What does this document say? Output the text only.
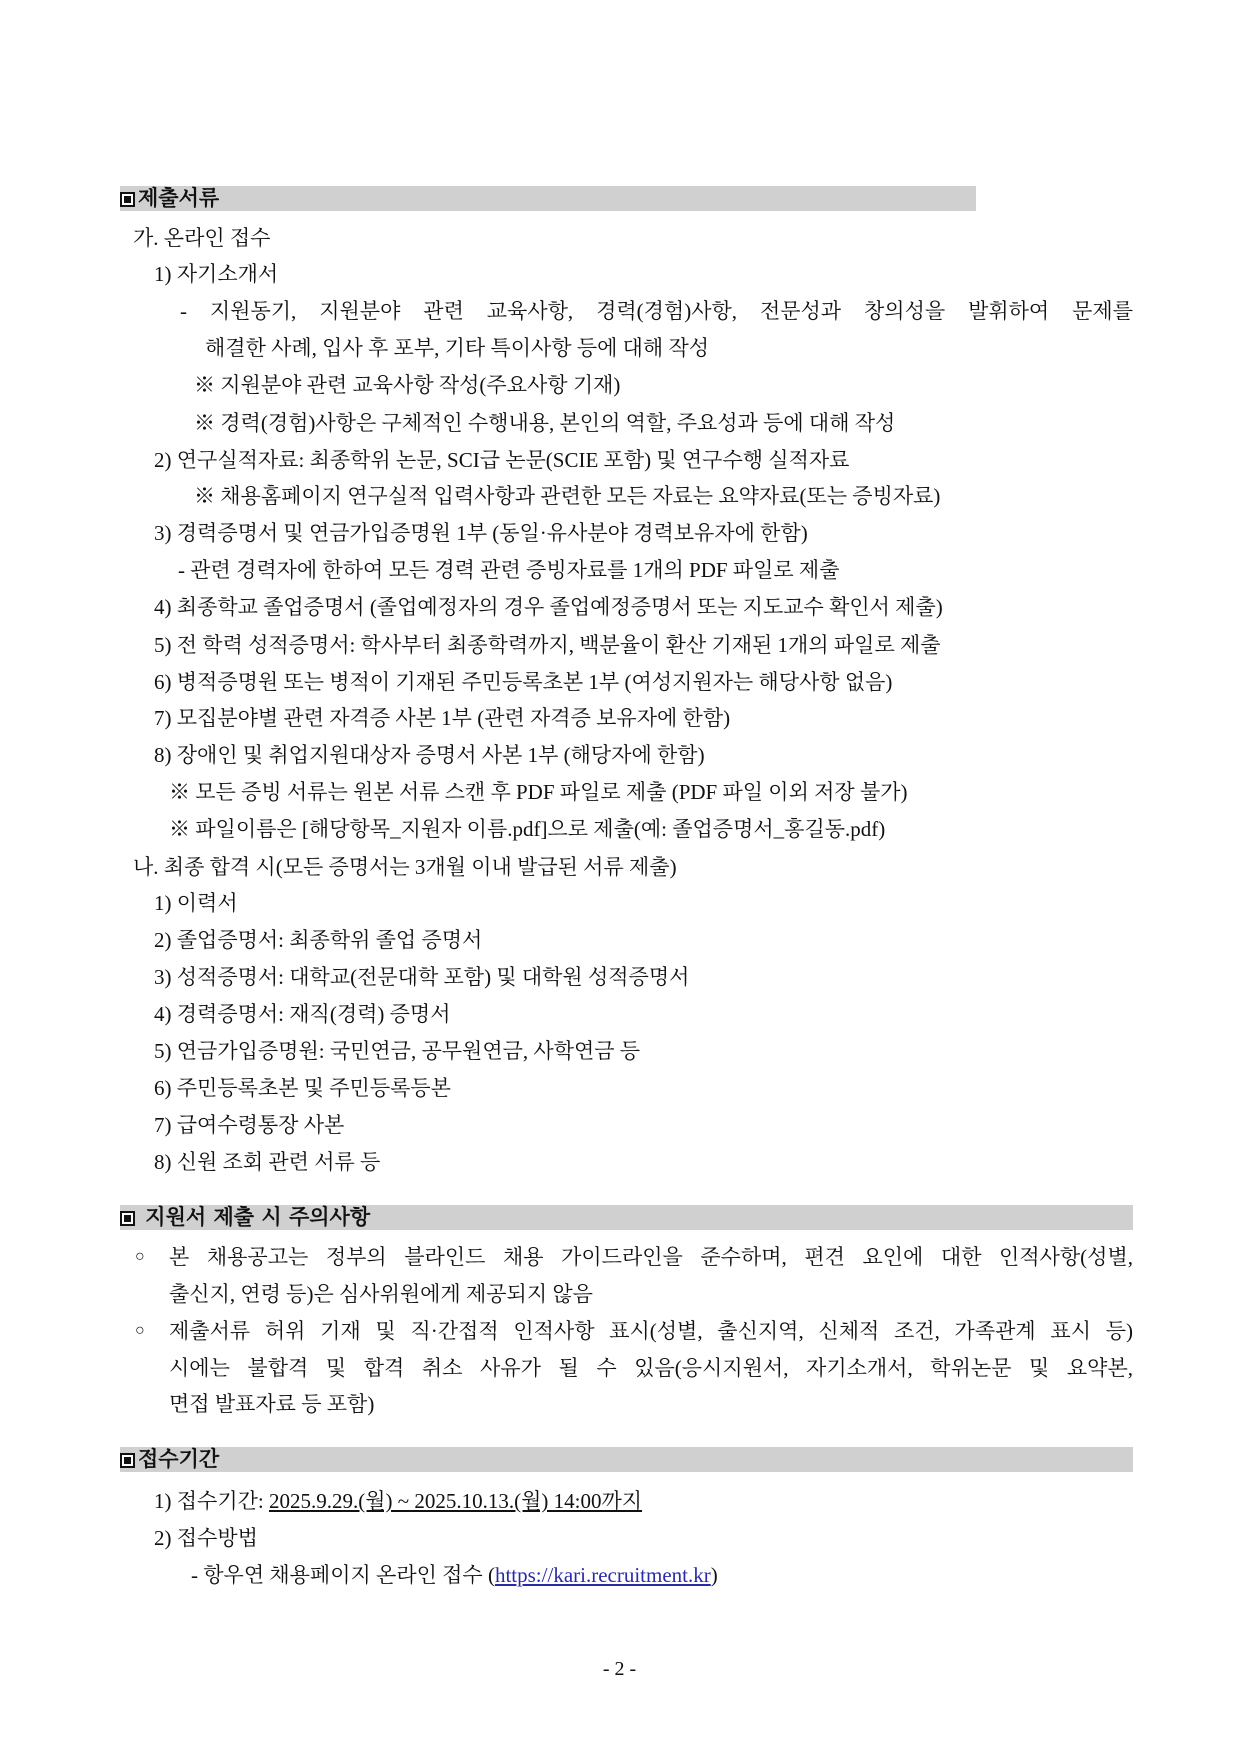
제출서류
가. 온라인 접수
1) 자기소개서
- 지원동기, 지원분야 관련 교육사항, 경력(경험)사항, 전문성과 창의성을 발휘하여 문제를
해결한 사례, 입사 후 포부, 기타 특이사항 등에 대해 작성
※ 지원분야 관련 교육사항 작성(주요사항 기재)
※ 경력(경험)사항은 구체적인 수행내용, 본인의 역할, 주요성과 등에 대해 작성
2) 연구실적자료: 최종학위 논문, SCI급 논문(SCIE 포함) 및 연구수행 실적자료
※ 채용홈페이지 연구실적 입력사항과 관련한 모든 자료는 요약자료(또는 증빙자료)
3) 경력증명서 및 연금가입증명원 1부 (동일·유사분야 경력보유자에 한함)
- 관련 경력자에 한하여 모든 경력 관련 증빙자료를 1개의 PDF 파일로 제출
4) 최종학교 졸업증명서 (졸업예정자의 경우 졸업예정증명서 또는 지도교수 확인서 제출)
5) 전 학력 성적증명서: 학사부터 최종학력까지, 백분율이 환산 기재된 1개의 파일로 제출
6) 병적증명원 또는 병적이 기재된 주민등록초본 1부 (여성지원자는 해당사항 없음)
7) 모집분야별 관련 자격증 사본 1부 (관련 자격증 보유자에 한함)
8) 장애인 및 취업지원대상자 증명서 사본 1부 (해당자에 한함)
※ 모든 증빙 서류는 원본 서류 스캔 후 PDF 파일로 제출 (PDF 파일 이외 저장 불가)
※ 파일이름은 [해당항목_지원자 이름.pdf]으로 제출(예: 졸업증명서_홍길동.pdf)
나. 최종 합격 시(모든 증명서는 3개월 이내 발급된 서류 제출)
1) 이력서
2) 졸업증명서: 최종학위 졸업 증명서
3) 성적증명서: 대학교(전문대학 포함) 및 대학원 성적증명서
4) 경력증명서: 재직(경력) 증명서
5) 연금가입증명원: 국민연금, 공무원연금, 사학연금 등
6) 주민등록초본 및 주민등록등본
7) 급여수령통장 사본
8) 신원 조회 관련 서류 등
지원서 제출 시 주의사항
○ 본 채용공고는 정부의 블라인드 채용 가이드라인을 준수하며, 편견 요인에 대한 인적사항(성별,
출신지, 연령 등)은 심사위원에게 제공되지 않음
○ 제출서류 허위 기재 및 직·간접적 인적사항 표시(성별, 출신지역, 신체적 조건, 가족관계 표시 등)
시에는 불합격 및 합격 취소 사유가 될 수 있음(응시지원서, 자기소개서, 학위논문 및 요약본,
면접 발표자료 등 포함)
접수기간
1) 접수기간: 2025.9.29.(월) ~ 2025.10.13.(월) 14:00까지
2) 접수방법
- 항우연 채용페이지 온라인 접수 (https://kari.recruitment.kr)
- 2 -
